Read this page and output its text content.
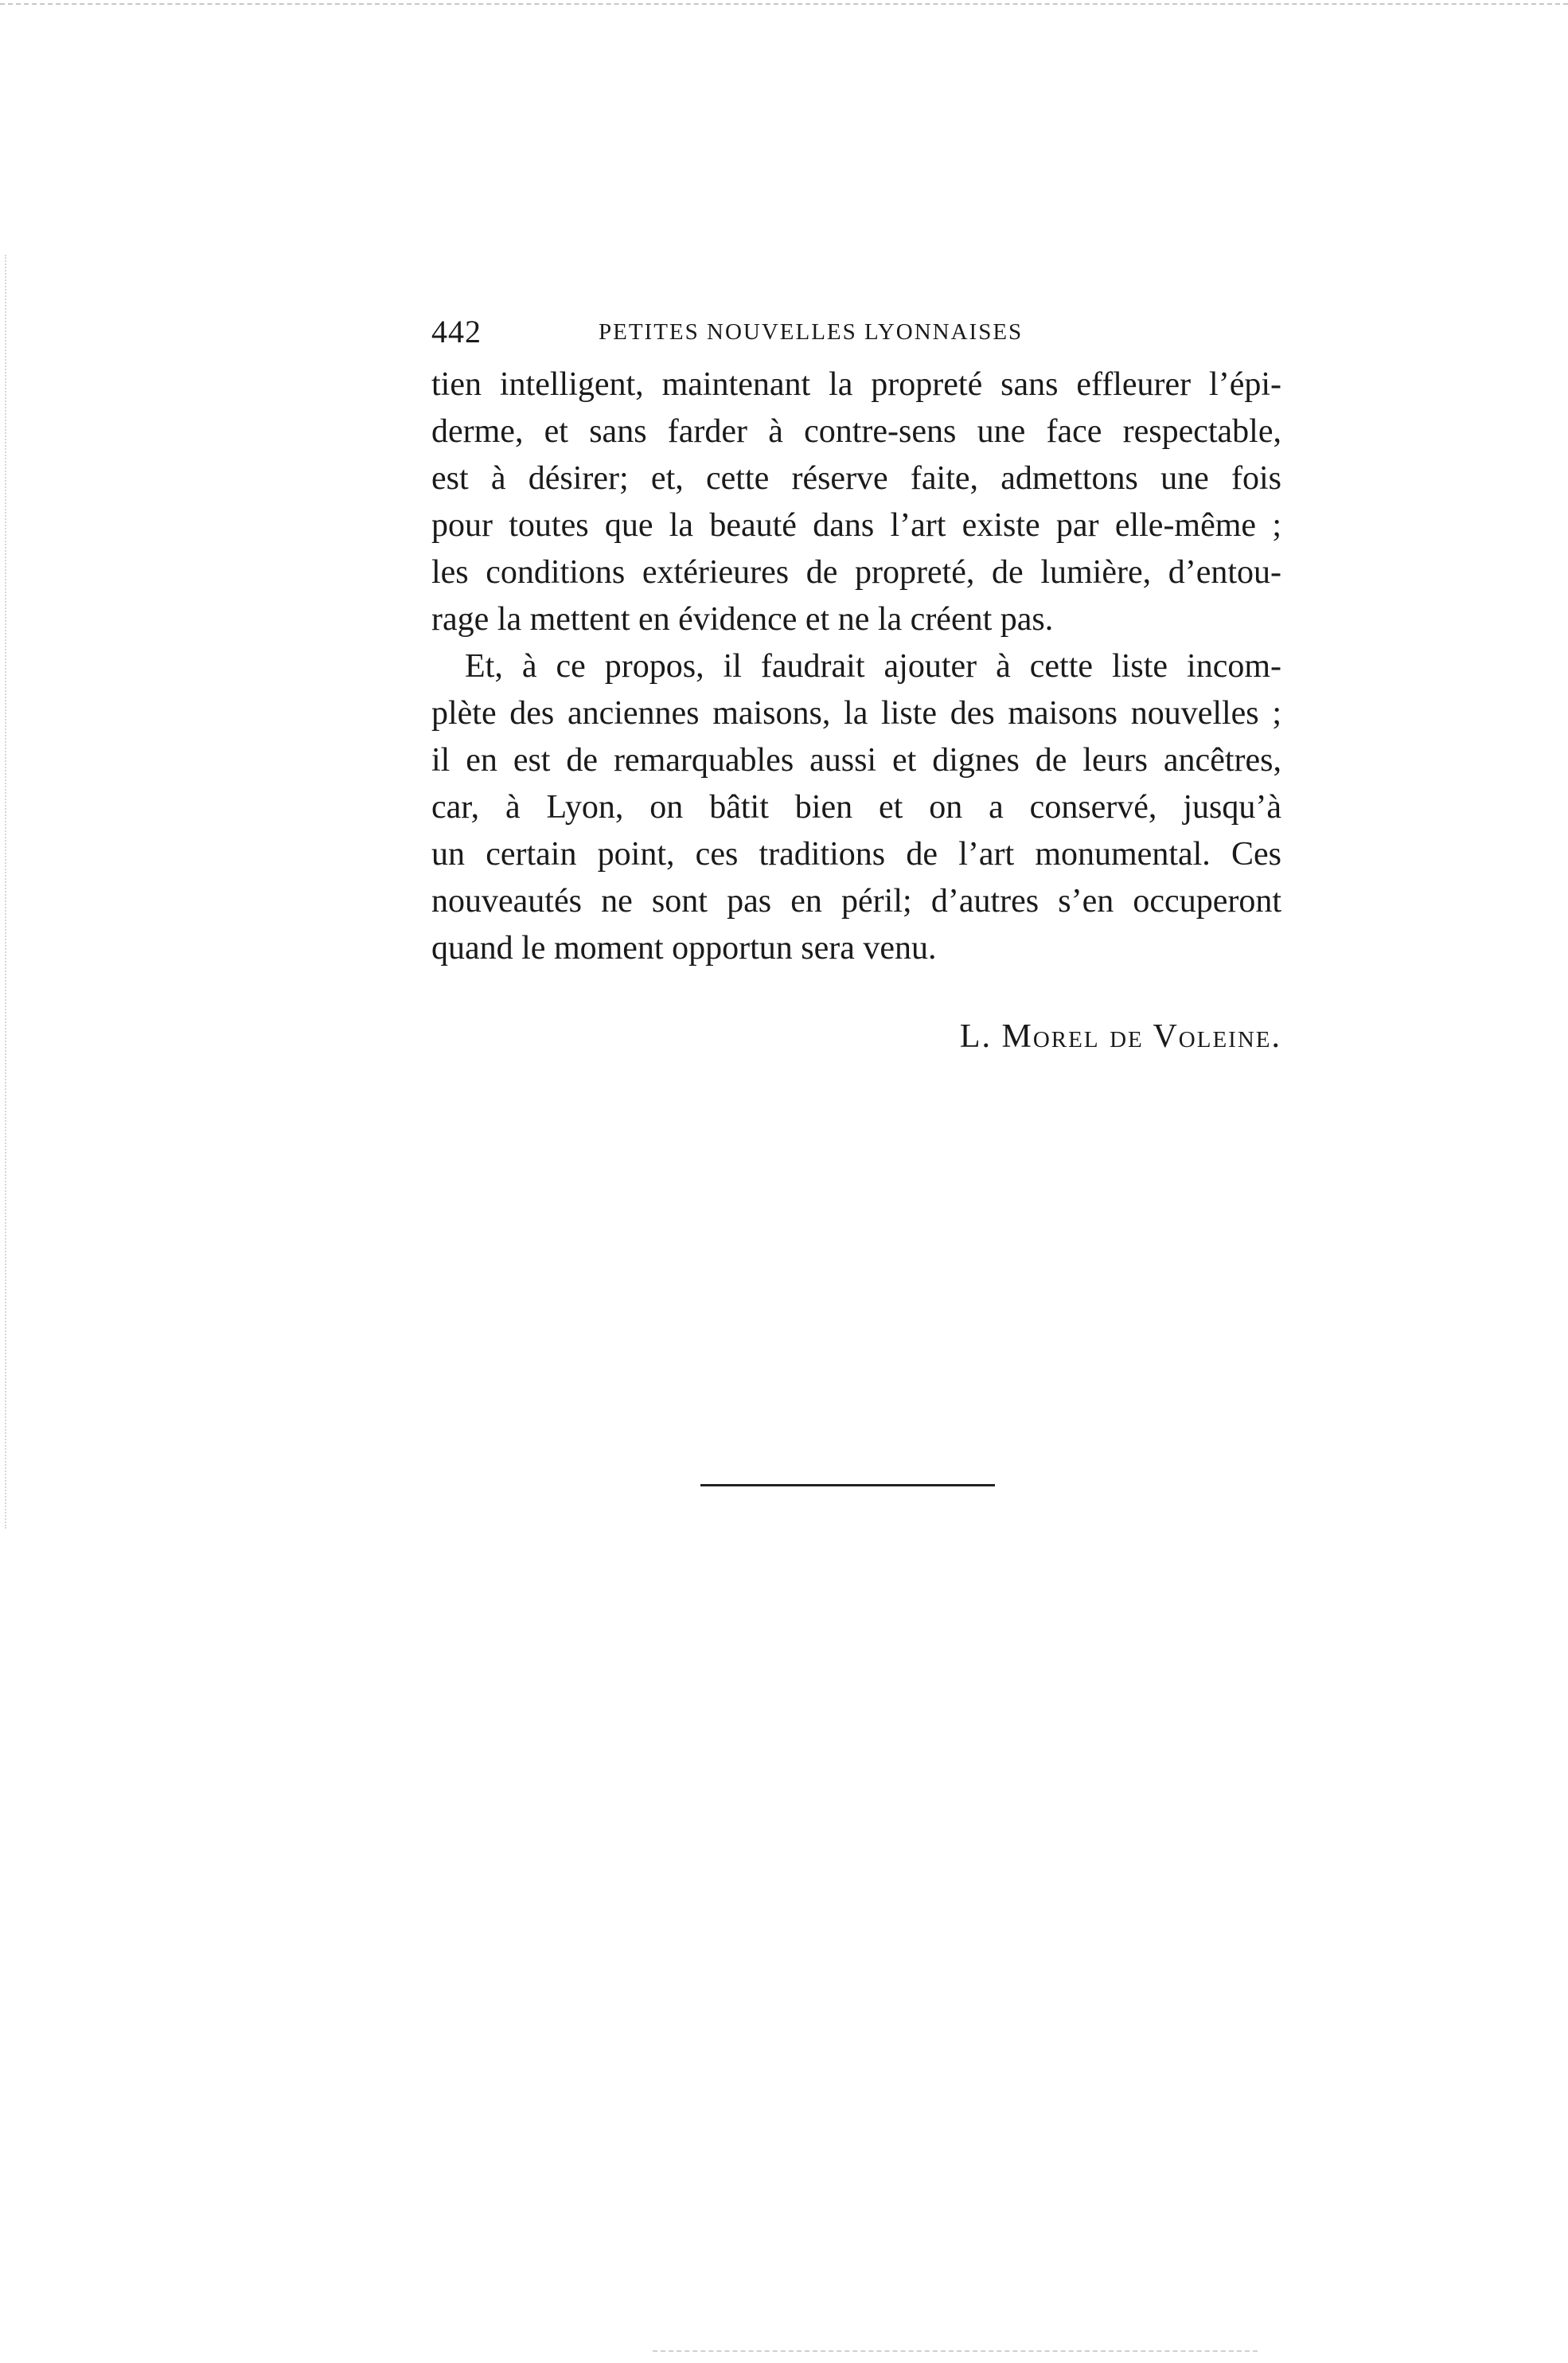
442	PETITES NOUVELLES LYONNAISES
tien intelligent, maintenant la propreté sans effleurer l’épi-
derme, et sans farder à contre-sens une face respectable,
est à désirer; et, cette réserve faite, admettons une fois
pour toutes que la beauté dans l’art existe par elle-même ;
les conditions extérieures de propreté, de lumière, d’entou-
rage la mettent en évidence et ne la créent pas.
Et, à ce propos, il faudrait ajouter à cette liste incom-
plète des anciennes maisons, la liste des maisons nouvelles ;
il en est de remarquables aussi et dignes de leurs ancêtres,
car, à Lyon, on bâtit bien et on a conservé, jusqu’à
un certain point, ces traditions de l’art monumental. Ces
nouveautés ne sont pas en péril; d’autres s’en occuperont
quand le moment opportun sera venu.
L. Morel de Voleine.
